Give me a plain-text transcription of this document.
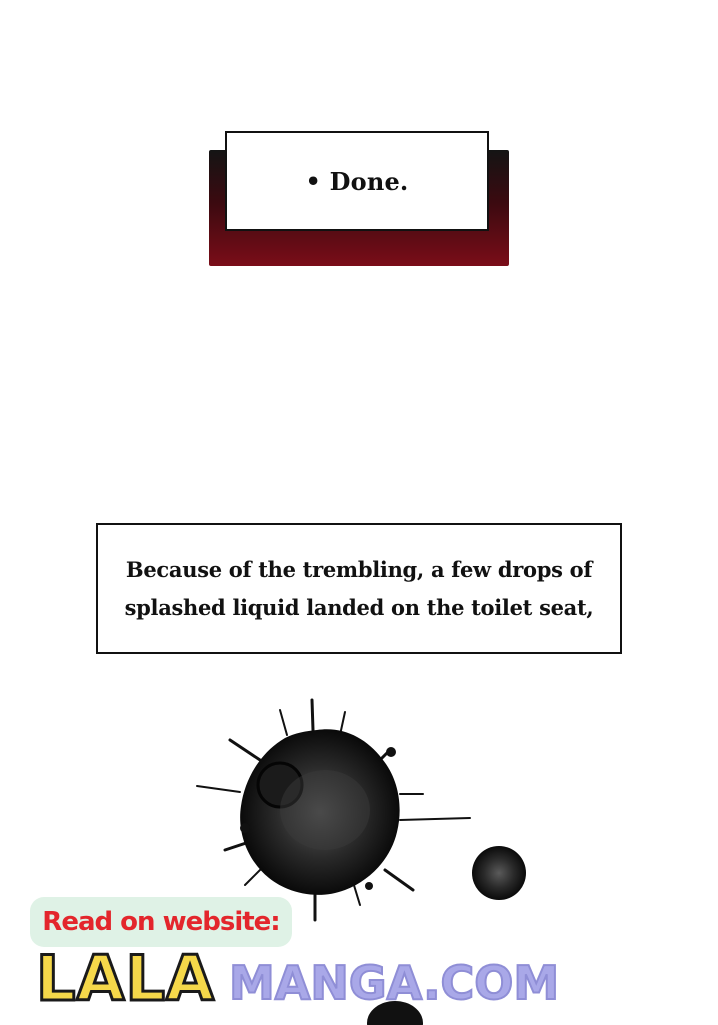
• Done.
Because of the trembling, a few drops of
splashed liquid landed on the toilet seat,
Read on website:
LALA MANGA.COM
